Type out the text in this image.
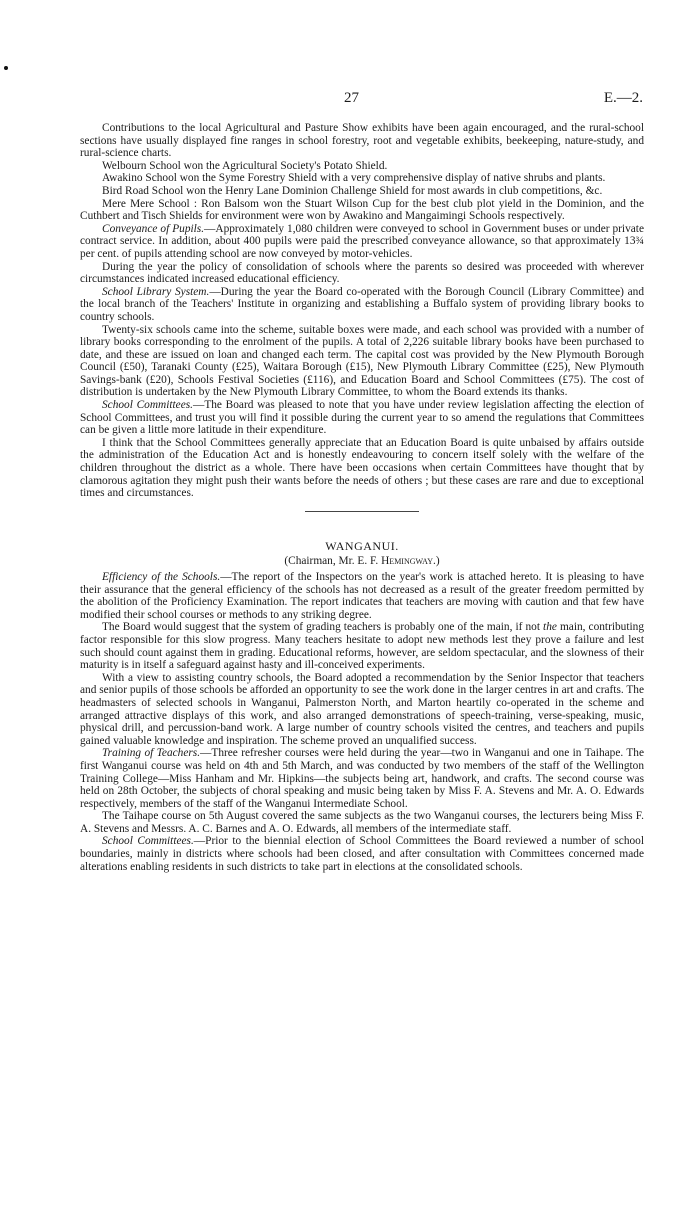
27	E.—2.

Contributions to the local Agricultural and Pasture Show exhibits have been again encouraged, and the rural-school sections have usually displayed fine ranges in school forestry, root and vegetable exhibits, beekeeping, nature-study, and rural-science charts.

Welbourn School won the Agricultural Society's Potato Shield.

Awakino School won the Syme Forestry Shield with a very comprehensive display of native shrubs and plants.

Bird Road School won the Henry Lane Dominion Challenge Shield for most awards in club competitions, &c.

Mere Mere School : Ron Balsom won the Stuart Wilson Cup for the best club plot yield in the Dominion, and the Cuthbert and Tisch Shields for environment were won by Awakino and Mangaimingi Schools respectively.

Conveyance of Pupils.—Approximately 1,080 children were conveyed to school in Government buses or under private contract service. In addition, about 400 pupils were paid the prescribed conveyance allowance, so that approximately 13¾ per cent. of pupils attending school are now conveyed by motor-vehicles.

During the year the policy of consolidation of schools where the parents so desired was proceeded with wherever circumstances indicated increased educational efficiency.

School Library System.—During the year the Board co-operated with the Borough Council (Library Committee) and the local branch of the Teachers' Institute in organizing and establishing a Buffalo system of providing library books to country schools.

Twenty-six schools came into the scheme, suitable boxes were made, and each school was provided with a number of library books corresponding to the enrolment of the pupils. A total of 2,226 suitable library books have been purchased to date, and these are issued on loan and changed each term. The capital cost was provided by the New Plymouth Borough Council (£50), Taranaki County (£25), Waitara Borough (£15), New Plymouth Library Committee (£25), New Plymouth Savings-bank (£20), Schools Festival Societies (£116), and Education Board and School Committees (£75). The cost of distribution is undertaken by the New Plymouth Library Committee, to whom the Board extends its thanks.

School Committees.—The Board was pleased to note that you have under review legislation affecting the election of School Committees, and trust you will find it possible during the current year to so amend the regulations that Committees can be given a little more latitude in their expenditure.

I think that the School Committees generally appreciate that an Education Board is quite unbaised by affairs outside the administration of the Education Act and is honestly endeavouring to concern itself solely with the welfare of the children throughout the district as a whole. There have been occasions when certain Committees have thought that by clamorous agitation they might push their wants before the needs of others ; but these cases are rare and due to exceptional times and circumstances.

WANGANUI.

(Chairman, Mr. E. F. Hemingway.)

Efficiency of the Schools.—The report of the Inspectors on the year's work is attached hereto. It is pleasing to have their assurance that the general efficiency of the schools has not decreased as a result of the greater freedom permitted by the abolition of the Proficiency Examination. The report indicates that teachers are moving with caution and that few have modified their school courses or methods to any striking degree.

The Board would suggest that the system of grading teachers is probably one of the main, if not the main, contributing factor responsible for this slow progress. Many teachers hesitate to adopt new methods lest they prove a failure and lest such should count against them in grading. Educational reforms, however, are seldom spectacular, and the slowness of their maturity is in itself a safeguard against hasty and ill-conceived experiments.

With a view to assisting country schools, the Board adopted a recommendation by the Senior Inspector that teachers and senior pupils of those schools be afforded an opportunity to see the work done in the larger centres in art and crafts. The headmasters of selected schools in Wanganui, Palmerston North, and Marton heartily co-operated in the scheme and arranged attractive displays of this work, and also arranged demonstrations of speech-training, verse-speaking, music, physical drill, and percussion-band work. A large number of country schools visited the centres, and teachers and pupils gained valuable knowledge and inspiration. The scheme proved an unqualified success.

Training of Teachers.—Three refresher courses were held during the year—two in Wanganui and one in Taihape. The first Wanganui course was held on 4th and 5th March, and was conducted by two members of the staff of the Wellington Training College—Miss Hanham and Mr. Hipkins—the subjects being art, handwork, and crafts. The second course was held on 28th October, the subjects of choral speaking and music being taken by Miss F. A. Stevens and Mr. A. O. Edwards respectively, members of the staff of the Wanganui Intermediate School.

The Taihape course on 5th August covered the same subjects as the two Wanganui courses, the lecturers being Miss F. A. Stevens and Messrs. A. C. Barnes and A. O. Edwards, all members of the intermediate staff.

School Committees.—Prior to the biennial election of School Committees the Board reviewed a number of school boundaries, mainly in districts where schools had been closed, and after consultation with Committees concerned made alterations enabling residents in such districts to take part in elections at the consolidated schools.
